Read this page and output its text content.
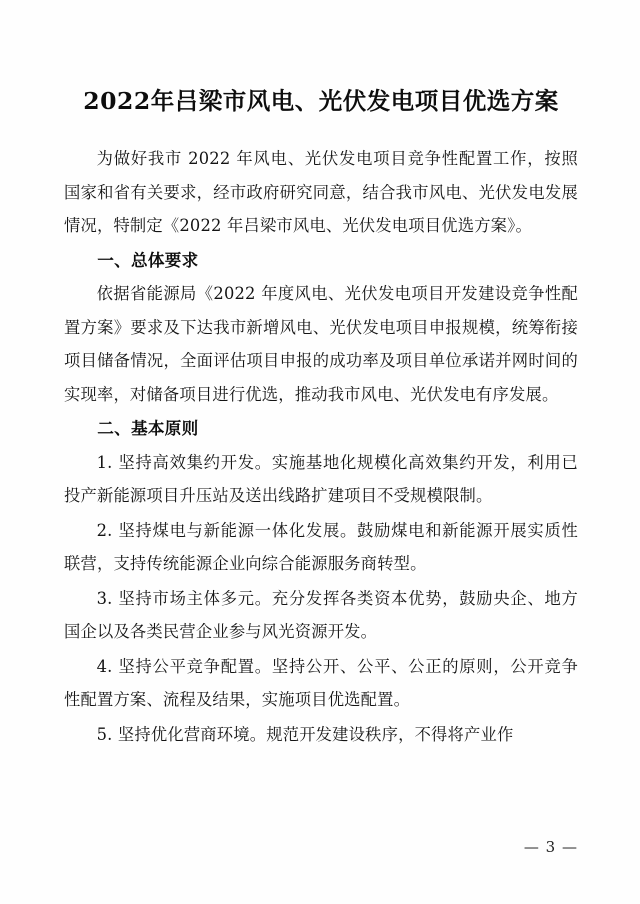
2022年吕梁市风电、光伏发电项目优选方案

为做好我市 2022 年风电、光伏发电项目竞争性配置工作，按照国家和省有关要求，经市政府研究同意，结合我市风电、光伏发电发展情况，特制定《2022 年吕梁市风电、光伏发电项目优选方案》。

一、总体要求

依据省能源局《2022 年度风电、光伏发电项目开发建设竞争性配置方案》要求及下达我市新增风电、光伏发电项目申报规模，统筹衔接项目储备情况，全面评估项目申报的成功率及项目单位承诺并网时间的实现率，对储备项目进行优选，推动我市风电、光伏发电有序发展。

二、基本原则

1. 坚持高效集约开发。实施基地化规模化高效集约开发，利用已投产新能源项目升压站及送出线路扩建项目不受规模限制。

2. 坚持煤电与新能源一体化发展。鼓励煤电和新能源开展实质性联营，支持传统能源企业向综合能源服务商转型。

3. 坚持市场主体多元。充分发挥各类资本优势，鼓励央企、地方国企以及各类民营企业参与风光资源开发。

4. 坚持公平竞争配置。坚持公开、公平、公正的原则，公开竞争性配置方案、流程及结果，实施项目优选配置。

5. 坚持优化营商环境。规范开发建设秩序，不得将产业作

— 3 —
